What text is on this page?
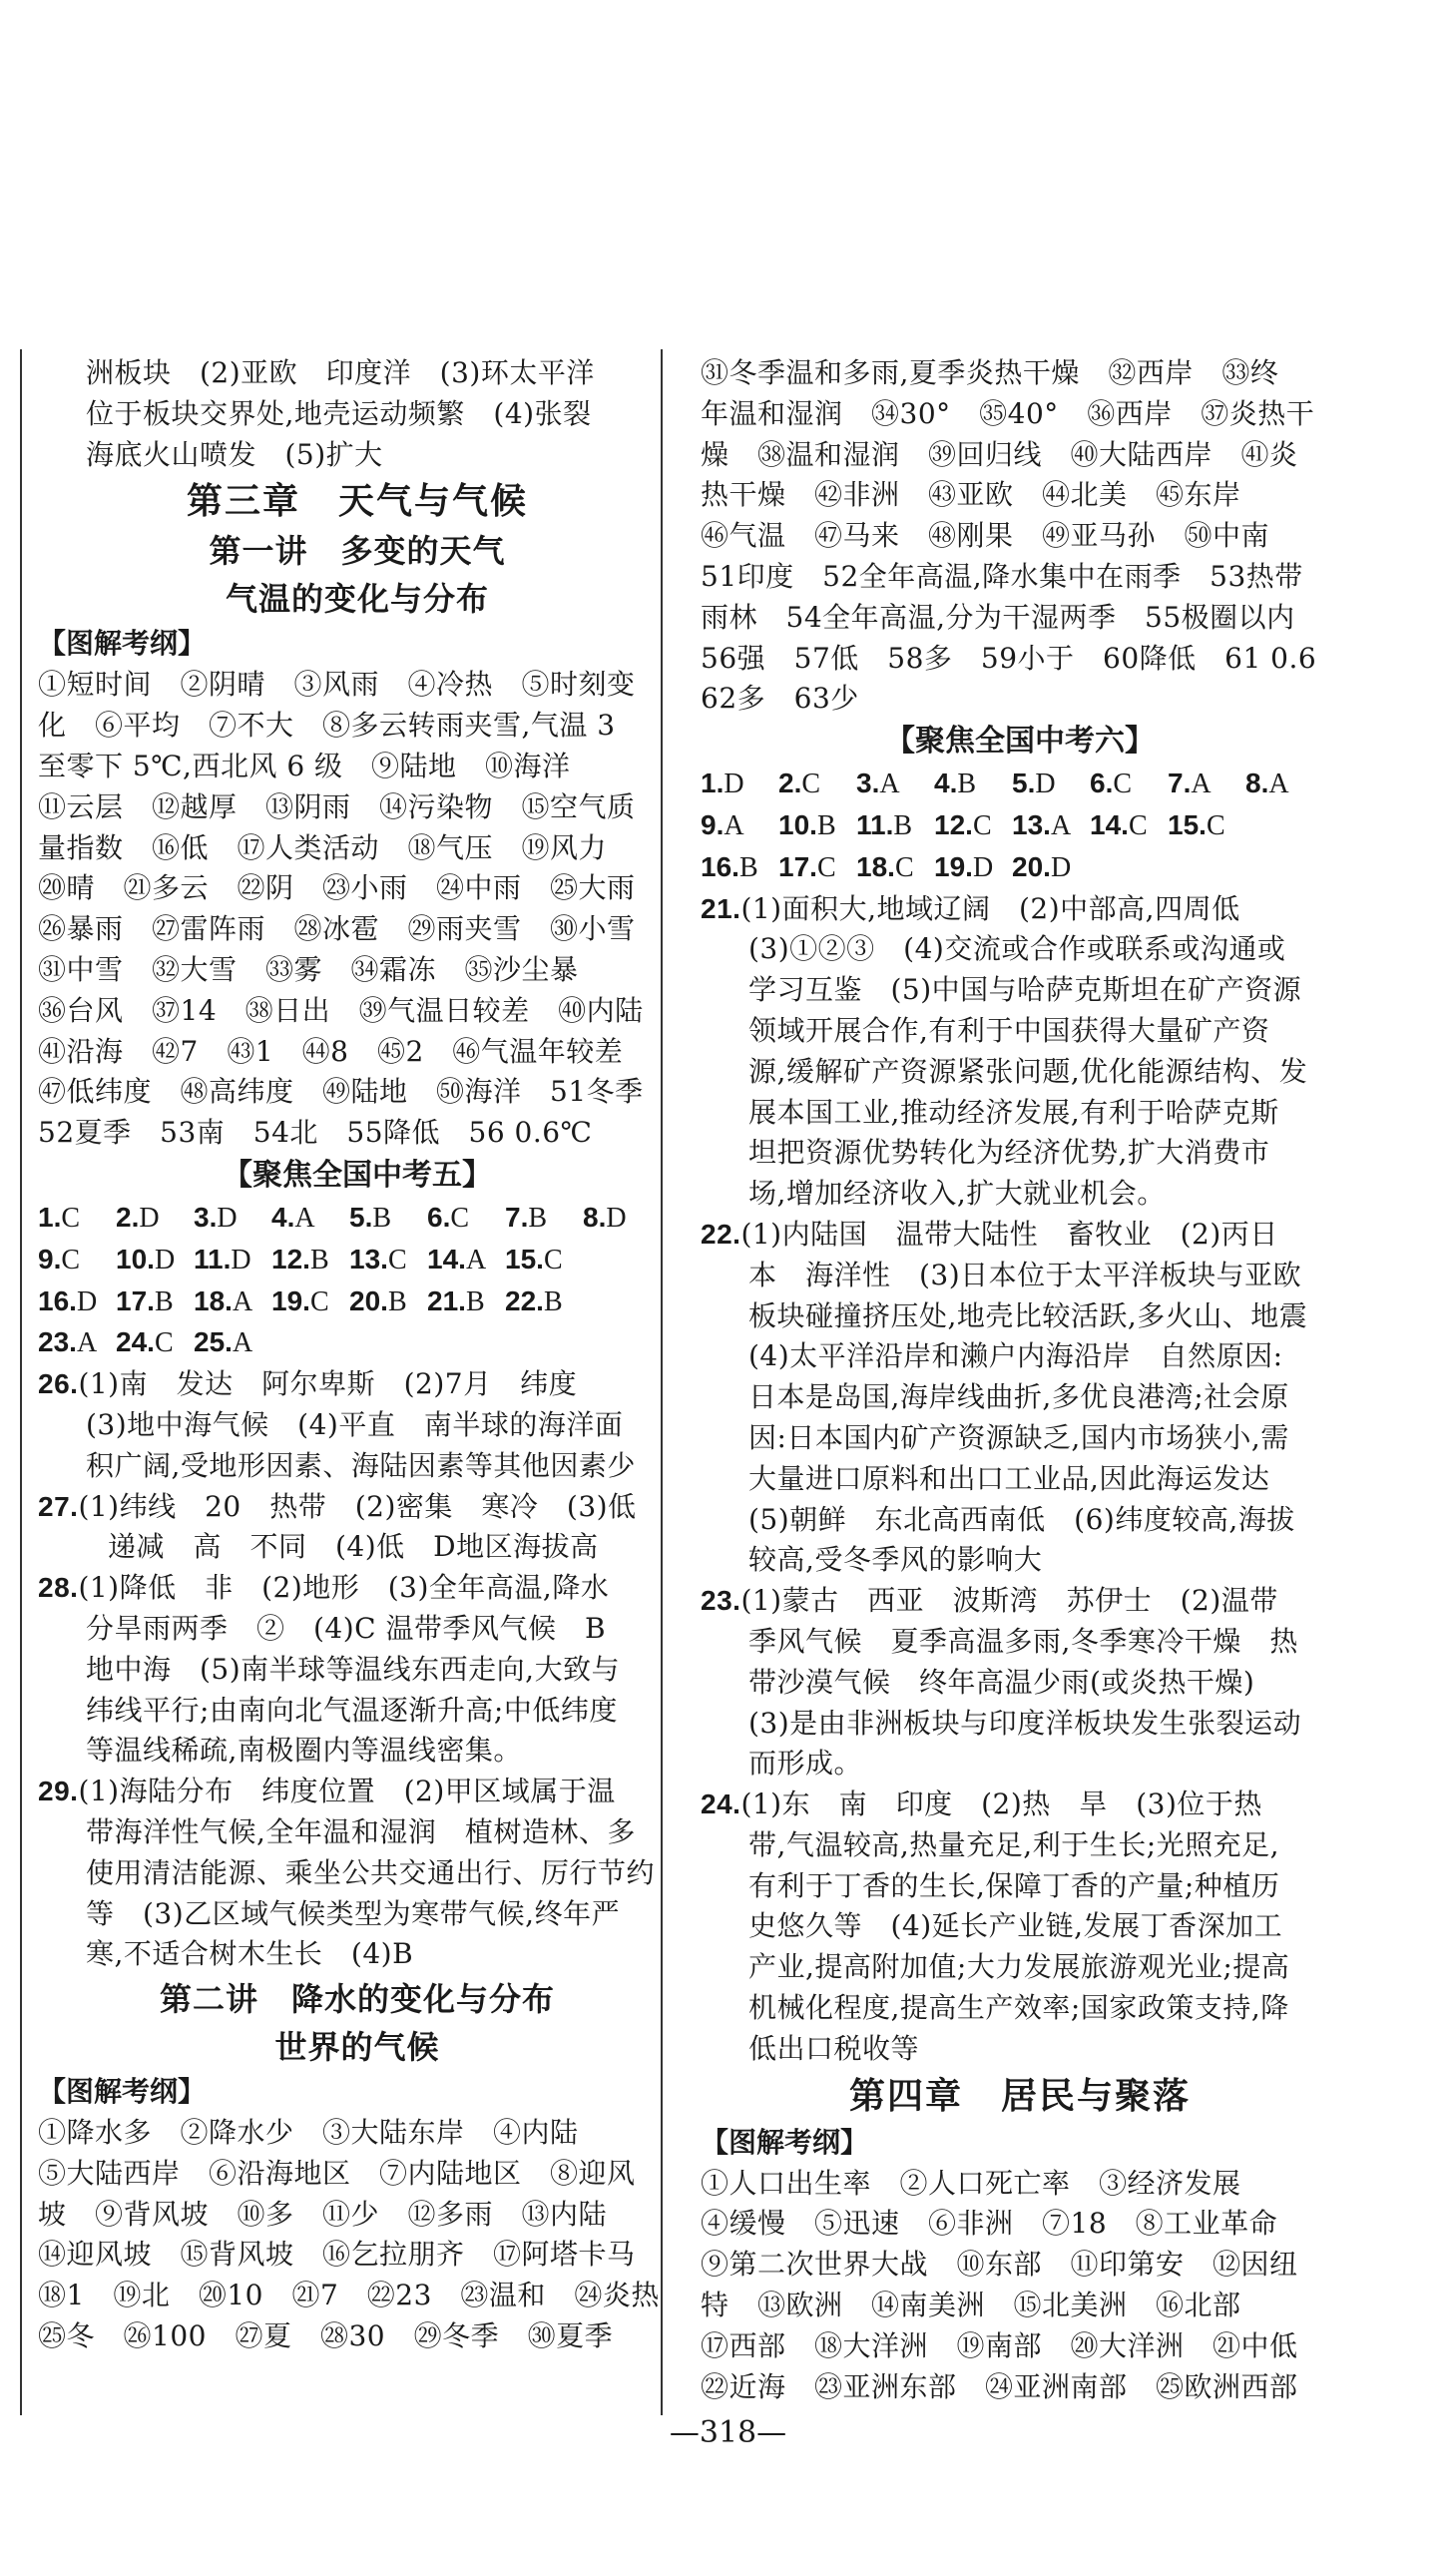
洲板块　(2)亚欧　印度洋　(3)环太平洋
位于板块交界处,地壳运动频繁　(4)张裂
海底火山喷发　(5)扩大
第三章　天气与气候
第一讲　多变的天气
气温的变化与分布
【图解考纲】
①短时间　②阴晴　③风雨　④冷热　⑤时刻变
化　⑥平均　⑦不大　⑧多云转雨夹雪,气温 3
至零下 5℃,西北风 6 级　⑨陆地　⑩海洋
⑪云层　⑫越厚　⑬阴雨　⑭污染物　⑮空气质
量指数　⑯低　⑰人类活动　⑱气压　⑲风力
⑳晴　㉑多云　㉒阴　㉓小雨　㉔中雨　㉕大雨
㉖暴雨　㉗雷阵雨　㉘冰雹　㉙雨夹雪　㉚小雪
㉛中雪　㉜大雪　㉝雾　㉞霜冻　㉟沙尘暴
㊱台风　㊲14　㊳日出　㊴气温日较差　㊵内陆
㊶沿海　㊷7　㊸1　㊹8　㊺2　㊻气温年较差
㊼低纬度　㊽高纬度　㊾陆地　㊿海洋　51冬季
52夏季　53南　54北　55降低　56 0.6℃
【聚焦全国中考五】
1.C 2.D 3.D 4.A 5.B 6.C 7.B 8.D
9.C 10.D 11.D 12.B 13.C 14.A 15.C
16.D 17.B 18.A 19.C 20.B 21.B 22.B
23.A 24.C 25.A
26.(1)南　发达　阿尔卑斯　(2)7月　纬度
(3)地中海气候　(4)平直　南半球的海洋面
积广阔,受地形因素、海陆因素等其他因素少
27.(1)纬线　20　热带　(2)密集　寒冷　(3)低
递减　高　不同　(4)低　D地区海拔高
28.(1)降低　非　(2)地形　(3)全年高温,降水
分旱雨两季　②　(4)C 温带季风气候　B
地中海　(5)南半球等温线东西走向,大致与
纬线平行;由南向北气温逐渐升高;中低纬度
等温线稀疏,南极圈内等温线密集。
29.(1)海陆分布　纬度位置　(2)甲区域属于温
带海洋性气候,全年温和湿润　植树造林、多
使用清洁能源、乘坐公共交通出行、厉行节约
等　(3)乙区域气候类型为寒带气候,终年严
寒,不适合树木生长　(4)B
第二讲　降水的变化与分布
世界的气候
【图解考纲】
①降水多　②降水少　③大陆东岸　④内陆
⑤大陆西岸　⑥沿海地区　⑦内陆地区　⑧迎风
坡　⑨背风坡　⑩多　⑪少　⑫多雨　⑬内陆
⑭迎风坡　⑮背风坡　⑯乞拉朋齐　⑰阿塔卡马
⑱1　⑲北　⑳10　㉑7　㉒23　㉓温和　㉔炎热
㉕冬　㉖100　㉗夏　㉘30　㉙冬季　㉚夏季
㉛冬季温和多雨,夏季炎热干燥　㉜西岸　㉝终
年温和湿润　㉞30°　㉟40°　㊱西岸　㊲炎热干
燥　㊳温和湿润　㊴回归线　㊵大陆西岸　㊶炎
热干燥　㊷非洲　㊸亚欧　㊹北美　㊺东岸
㊻气温　㊼马来　㊽刚果　㊾亚马孙　㊿中南
51印度　52全年高温,降水集中在雨季　53热带
雨林　54全年高温,分为干湿两季　55极圈以内
56强　57低　58多　59小于　60降低　61 0.6
62多　63少
【聚焦全国中考六】
1.D 2.C 3.A 4.B 5.D 6.C 7.A 8.A
9.A 10.B 11.B 12.C 13.A 14.C 15.C
16.B 17.C 18.C 19.D 20.D
21.(1)面积大,地域辽阔　(2)中部高,四周低
(3)①②③　(4)交流或合作或联系或沟通或
学习互鉴　(5)中国与哈萨克斯坦在矿产资源
领域开展合作,有利于中国获得大量矿产资
源,缓解矿产资源紧张问题,优化能源结构、发
展本国工业,推动经济发展,有利于哈萨克斯
坦把资源优势转化为经济优势,扩大消费市
场,增加经济收入,扩大就业机会。
22.(1)内陆国　温带大陆性　畜牧业　(2)丙日
本　海洋性　(3)日本位于太平洋板块与亚欧
板块碰撞挤压处,地壳比较活跃,多火山、地震
(4)太平洋沿岸和濑户内海沿岸　自然原因:
日本是岛国,海岸线曲折,多优良港湾;社会原
因:日本国内矿产资源缺乏,国内市场狭小,需
大量进口原料和出口工业品,因此海运发达
(5)朝鲜　东北高西南低　(6)纬度较高,海拔
较高,受冬季风的影响大
23.(1)蒙古　西亚　波斯湾　苏伊士　(2)温带
季风气候　夏季高温多雨,冬季寒冷干燥　热
带沙漠气候　终年高温少雨(或炎热干燥)
(3)是由非洲板块与印度洋板块发生张裂运动
而形成。
24.(1)东　南　印度　(2)热　旱　(3)位于热
带,气温较高,热量充足,利于生长;光照充足,
有利于丁香的生长,保障丁香的产量;种植历
史悠久等　(4)延长产业链,发展丁香深加工
产业,提高附加值;大力发展旅游观光业;提高
机械化程度,提高生产效率;国家政策支持,降
低出口税收等
第四章　居民与聚落
【图解考纲】
①人口出生率　②人口死亡率　③经济发展
④缓慢　⑤迅速　⑥非洲　⑦18　⑧工业革命
⑨第二次世界大战　⑩东部　⑪印第安　⑫因纽
特　⑬欧洲　⑭南美洲　⑮北美洲　⑯北部
⑰西部　⑱大洋洲　⑲南部　⑳大洋洲　㉑中低
㉒近海　㉓亚洲东部　㉔亚洲南部　㉕欧洲西部
—318—
